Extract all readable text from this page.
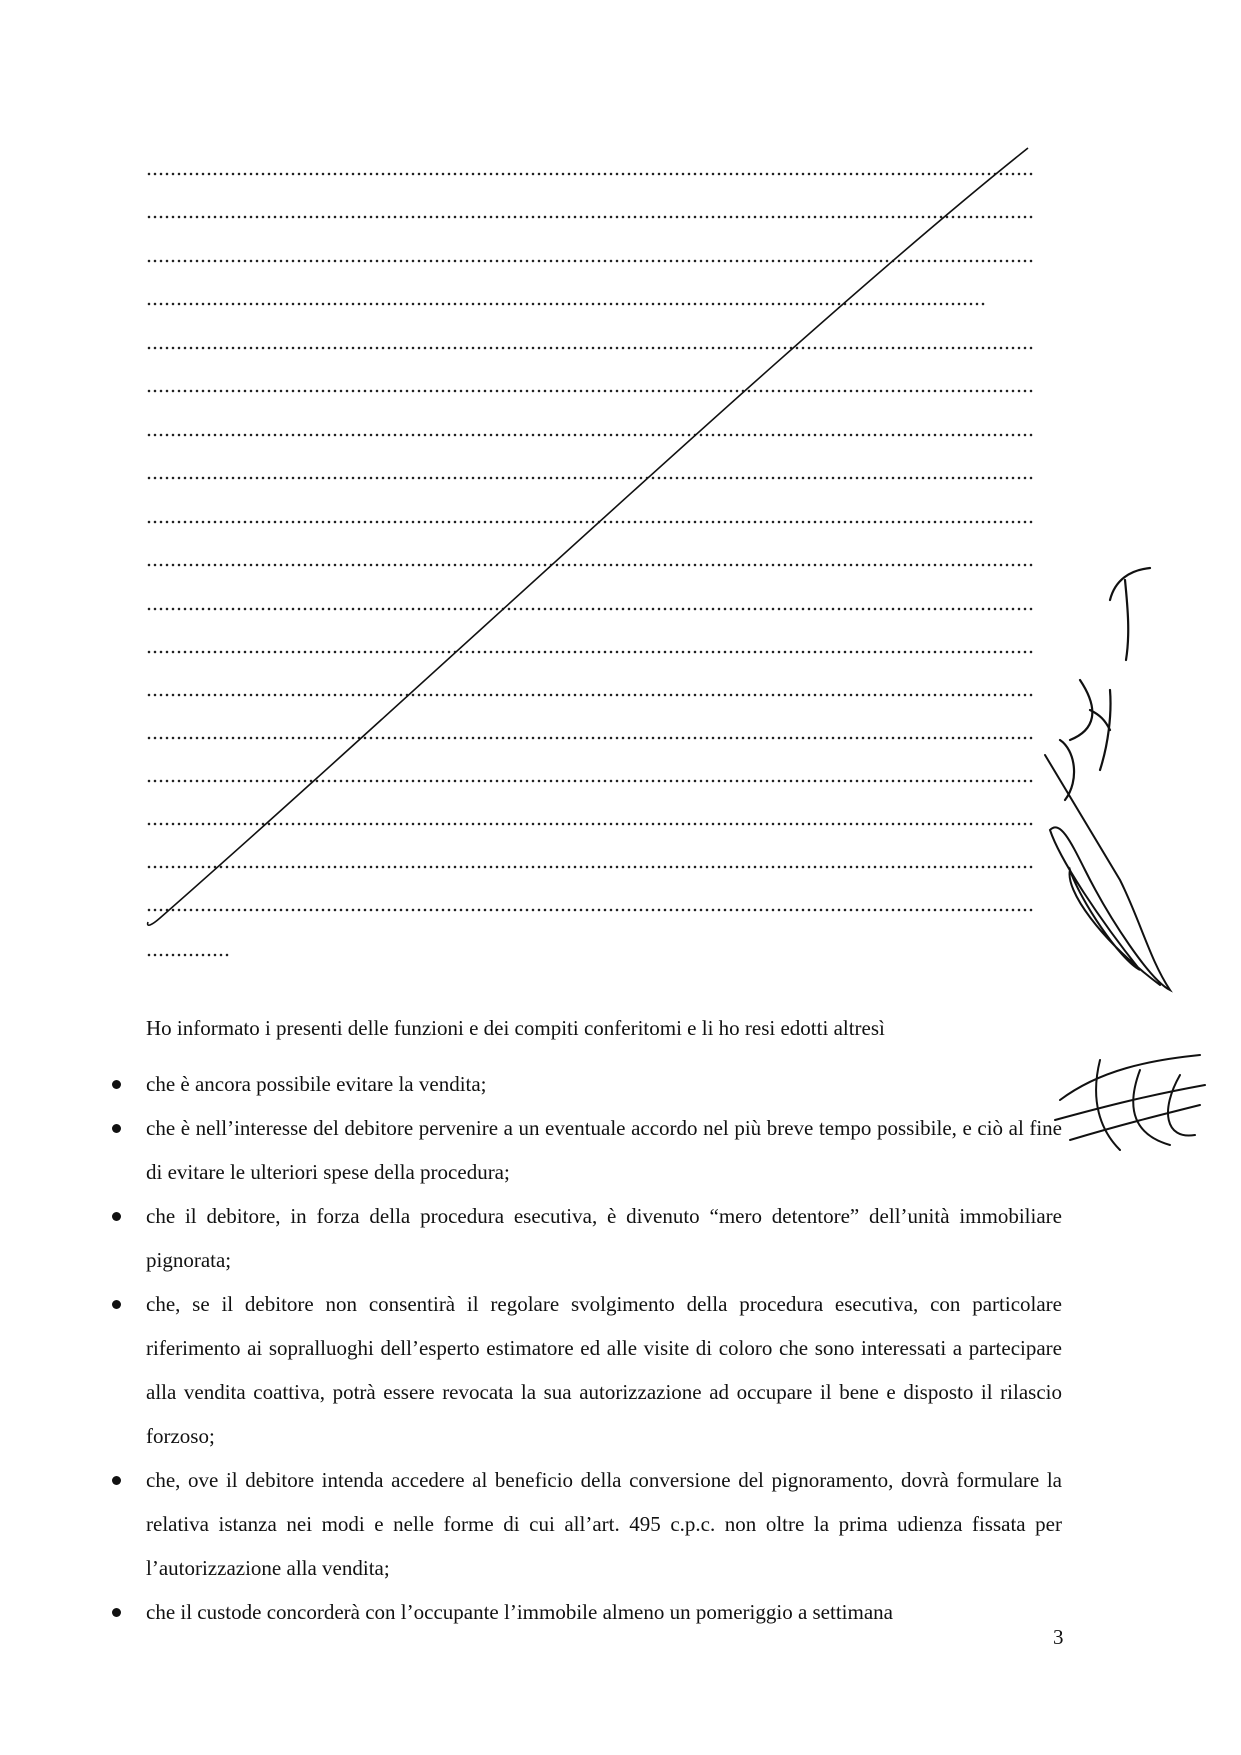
Ho informato i presenti delle funzioni e dei compiti conferitomi e li ho resi edotti altresì
che è ancora possibile evitare la vendita;
che è nell’interesse del debitore pervenire a un eventuale accordo nel più breve tempo possibile, e ciò al fine di evitare le ulteriori spese della procedura;
che il debitore, in forza della procedura esecutiva, è divenuto “mero detentore” dell’unità immobiliare pignorata;
che, se il debitore non consentirà il regolare svolgimento della procedura esecutiva, con particolare riferimento ai sopralluoghi dell’esperto estimatore ed alle visite di coloro che sono interessati a partecipare alla vendita coattiva, potrà essere revocata la sua autorizzazione ad occupare il bene e disposto il rilascio forzoso;
che, ove il debitore intenda accedere al beneficio della conversione del pignoramento, dovrà formulare la relativa istanza nei modi e nelle forme di cui all’art. 495 c.p.c. non oltre la prima udienza fissata per l’autorizzazione alla vendita;
che il custode concorderà con l’occupante l’immobile almeno un pomeriggio a settimana
3
